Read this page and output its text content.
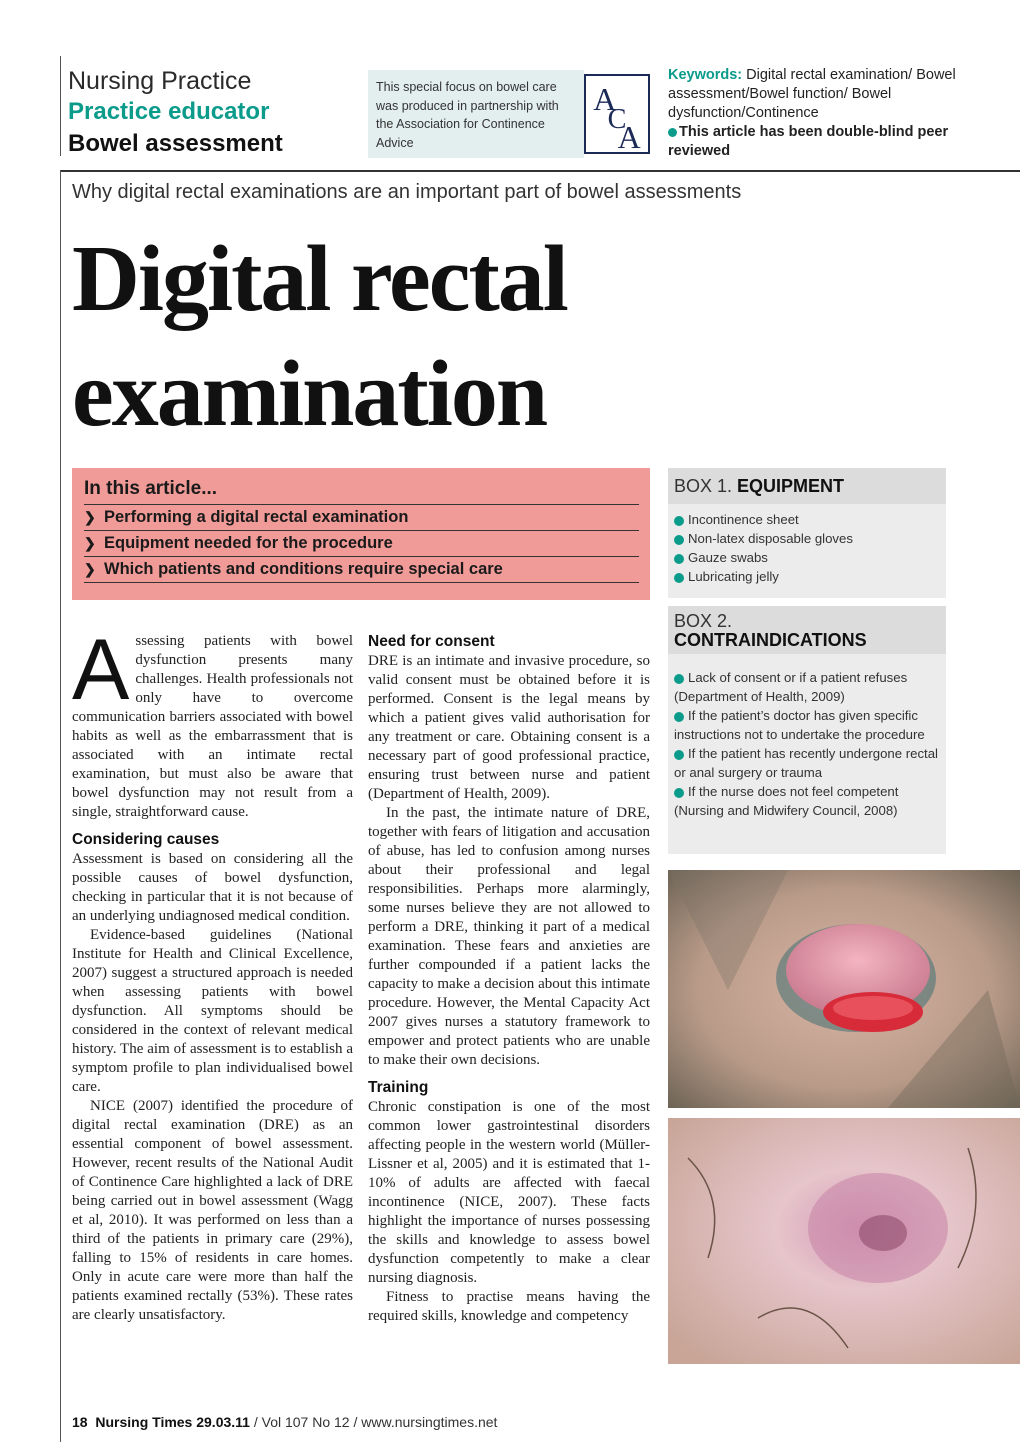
Nursing Practice
Practice educator
Bowel assessment
This special focus on bowel care was produced in partnership with the Association for Continence Advice
A
C
A
Keywords: Digital rectal examination/ Bowel assessment/Bowel function/ Bowel dysfunction/Continence
This article has been double-blind peer reviewed
Why digital rectal examinations are an important part of bowel assessments
Digital rectal
examination
In this article...
❯ Performing a digital rectal examination
❯ Equipment needed for the procedure
❯ Which patients and conditions require special care
BOX 1. EQUIPMENT
Incontinence sheet
Non-latex disposable gloves
Gauze swabs
Lubricating jelly
BOX 2.
CONTRAINDICATIONS
Lack of consent or if a patient refuses (Department of Health, 2009)
If the patient’s doctor has given specific instructions not to undertake the procedure
If the patient has recently undergone rectal or anal surgery or trauma
If the nurse does not feel competent (Nursing and Midwifery Council, 2008)

Assessing patients with bowel dysfunction presents many challenges. Health professionals not only have to overcome communication barriers associated with bowel habits as well as the embarrassment that is associated with an intimate rectal examination, but must also be aware that bowel dysfunction may not result from a single, straightforward cause.

Considering causes

Assessment is based on considering all the possible causes of bowel dysfunction, checking in particular that it is not because of an underlying undiagnosed medical condition.

Evidence-based guidelines (National Institute for Health and Clinical Excellence, 2007) suggest a structured approach is needed when assessing patients with bowel dysfunction. All symptoms should be considered in the context of relevant medical history. The aim of assessment is to establish a symptom profile to plan individualised bowel care.

NICE (2007) identified the procedure of digital rectal examination (DRE) as an essential component of bowel assessment. However, recent results of the National Audit of Continence Care highlighted a lack of DRE being carried out in bowel assessment (Wagg et al, 2010). It was performed on less than a third of the patients in primary care (29%), falling to 15% of residents in care homes. Only in acute care were more than half the patients examined rectally (53%). These rates are clearly unsatisfactory.

Need for consent

DRE is an intimate and invasive procedure, so valid consent must be obtained before it is performed. Consent is the legal means by which a patient gives valid authorisation for any treatment or care. Obtaining consent is a necessary part of good professional practice, ensuring trust between nurse and patient (Department of Health, 2009).

In the past, the intimate nature of DRE, together with fears of litigation and accusation of abuse, has led to confusion among nurses about their professional and legal responsibilities. Perhaps more alarmingly, some nurses believe they are not allowed to perform a DRE, thinking it part of a medical examination. These fears and anxieties are further compounded if a patient lacks the capacity to make a decision about this intimate procedure. However, the Mental Capacity Act 2007 gives nurses a statutory framework to empower and protect patients who are unable to make their own decisions.

Training

Chronic constipation is one of the most common lower gastrointestinal disorders affecting people in the western world (Müller-Lissner et al, 2005) and it is estimated that 1-10% of adults are affected with faecal incontinence (NICE, 2007). These facts highlight the importance of nurses possessing the skills and knowledge to assess bowel dysfunction competently to make a clear nursing diagnosis.

Fitness to practise means having the required skills, knowledge and competency

18 Nursing Times 29.03.11 / Vol 107 No 12 / www.nursingtimes.net
